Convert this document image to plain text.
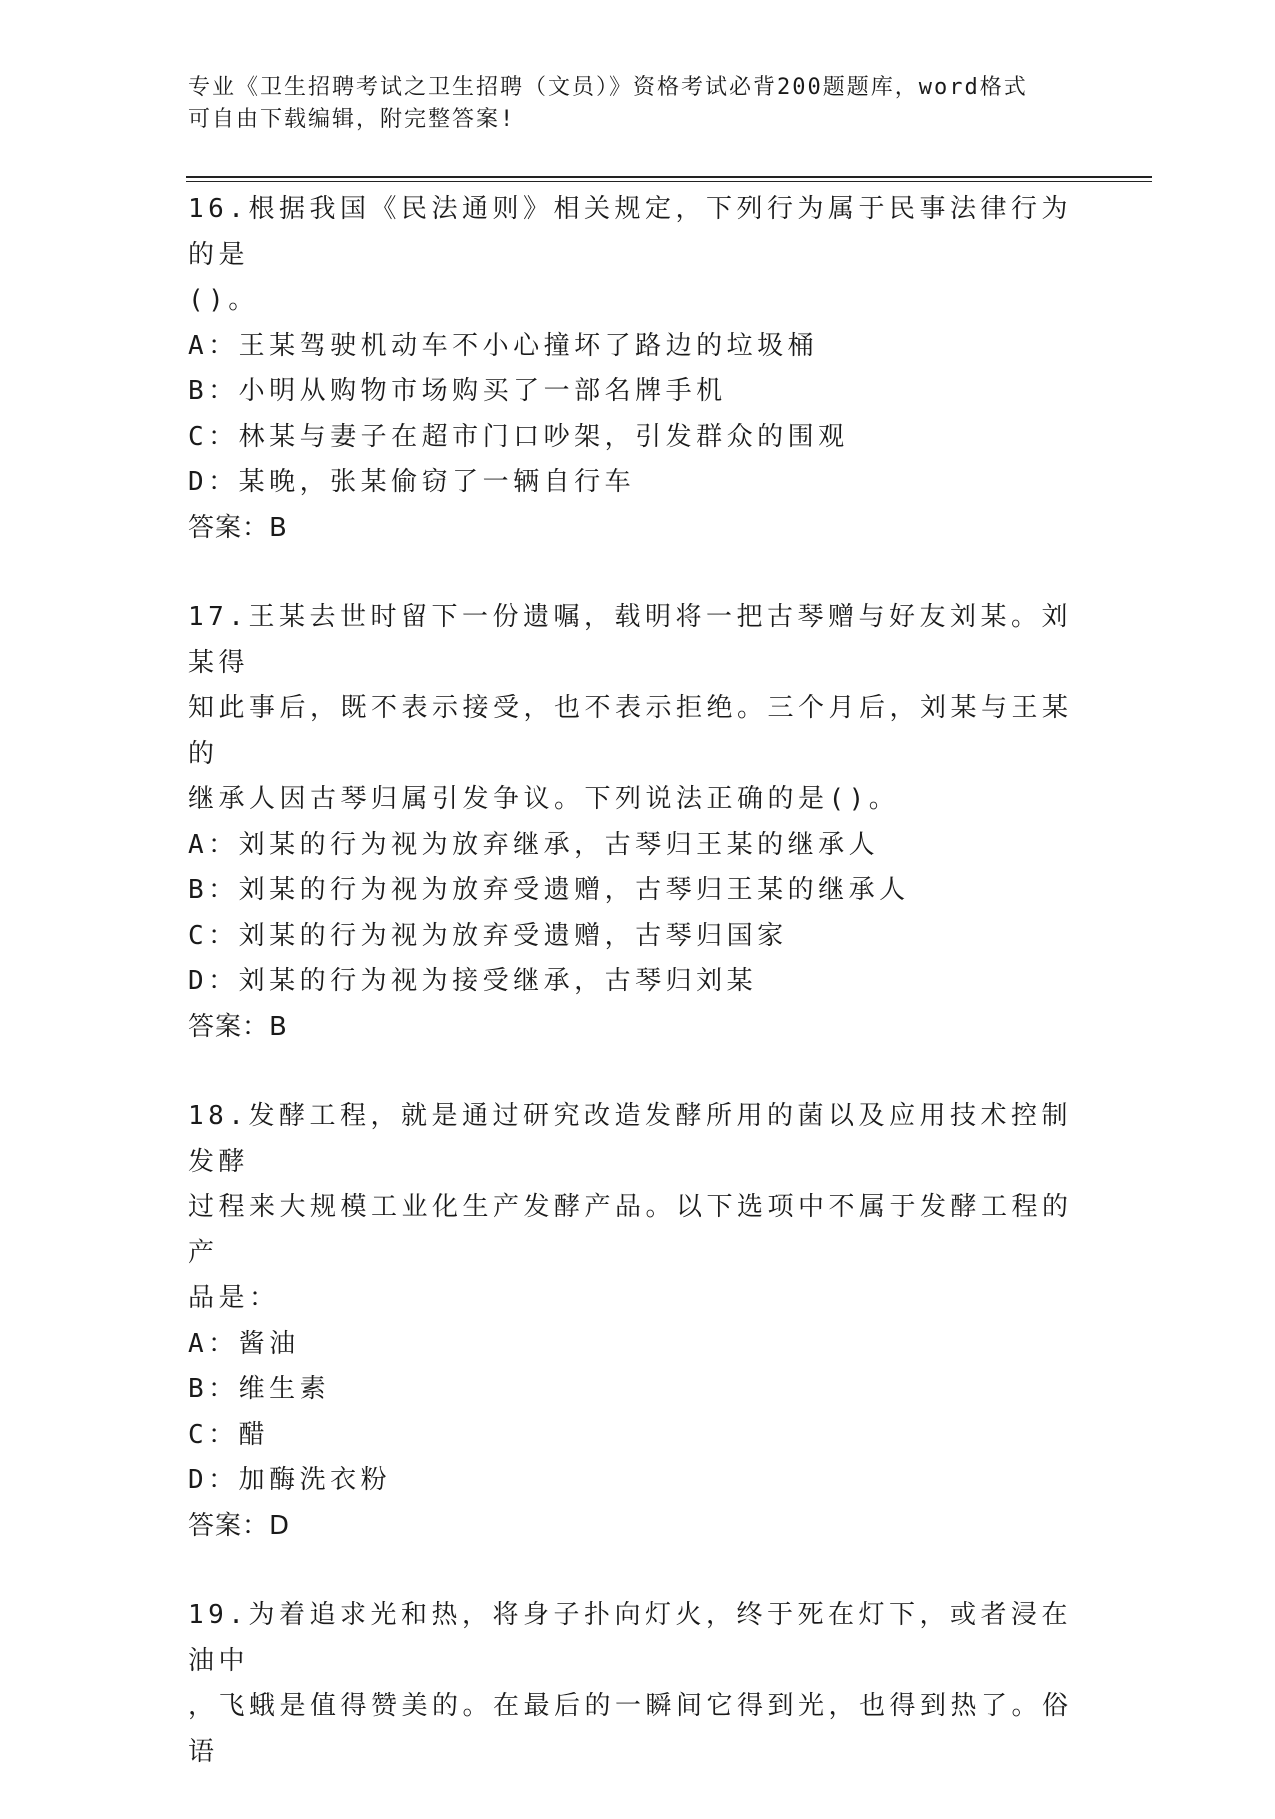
专业《卫生招聘考试之卫生招聘（文员）》资格考试必背200题题库，word格式
可自由下载编辑，附完整答案!
16.根据我国《民法通则》相关规定，下列行为属于民事法律行为的是
()。
A：王某驾驶机动车不小心撞坏了路边的垃圾桶
B：小明从购物市场购买了一部名牌手机
C：林某与妻子在超市门口吵架，引发群众的围观
D：某晚，张某偷窃了一辆自行车
答案：B
17.王某去世时留下一份遗嘱，载明将一把古琴赠与好友刘某。刘某得
知此事后，既不表示接受，也不表示拒绝。三个月后，刘某与王某的
继承人因古琴归属引发争议。下列说法正确的是()。
A：刘某的行为视为放弃继承，古琴归王某的继承人
B：刘某的行为视为放弃受遗赠，古琴归王某的继承人
C：刘某的行为视为放弃受遗赠，古琴归国家
D：刘某的行为视为接受继承，古琴归刘某
答案：B
18.发酵工程，就是通过研究改造发酵所用的菌以及应用技术控制发酵
过程来大规模工业化生产发酵产品。以下选项中不属于发酵工程的产
品是：
A：酱油
B：维生素
C：醋
D：加酶洗衣粉
答案：D
19.为着追求光和热，将身子扑向灯火，终于死在灯下，或者浸在油中
，飞蛾是值得赞美的。在最后的一瞬间它得到光，也得到热了。俗语
